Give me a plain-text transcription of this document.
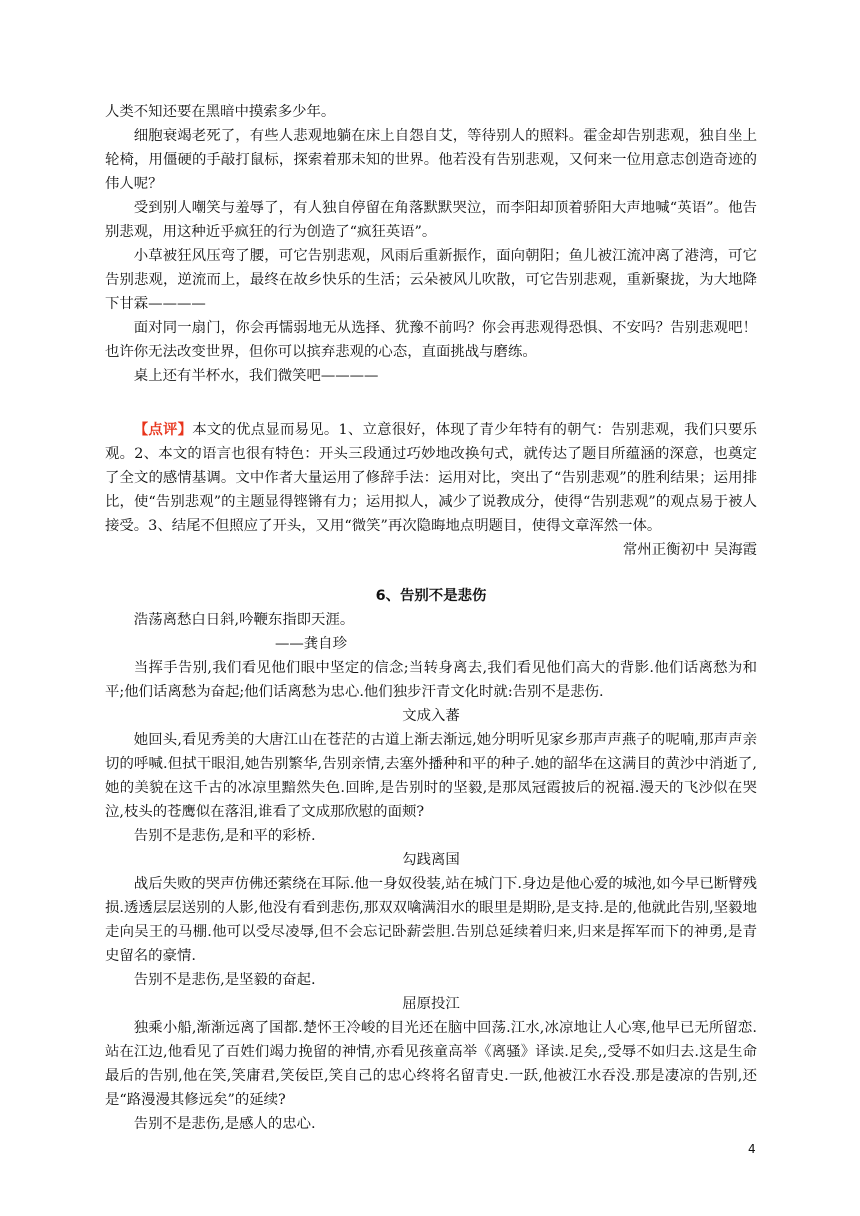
人类不知还要在黑暗中摸索多少年。

细胞衰竭老死了，有些人悲观地躺在床上自怨自艾，等待别人的照料。霍金却告别悲观，独自坐上轮椅，用僵硬的手敲打鼠标，探索着那未知的世界。他若没有告别悲观，又何来一位用意志创造奇迹的伟人呢？

受到别人嘲笑与羞辱了，有人独自停留在角落默默哭泣，而李阳却顶着骄阳大声地喊“英语”。他告别悲观，用这种近乎疯狂的行为创造了“疯狂英语”。

小草被狂风压弯了腰，可它告别悲观，风雨后重新振作，面向朝阳；鱼儿被江流冲离了港湾，可它告别悲观，逆流而上，最终在故乡快乐的生活；云朵被风儿吹散，可它告别悲观，重新聚拢，为大地降下甘霖————

面对同一扇门，你会再懦弱地无从选择、犹豫不前吗？你会再悲观得恐惧、不安吗？告别悲观吧！也许你无法改变世界，但你可以摈弃悲观的心态，直面挑战与磨练。

桌上还有半杯水，我们微笑吧————

【点评】本文的优点显而易见。1、立意很好，体现了青少年特有的朝气：告别悲观，我们只要乐观。2、本文的语言也很有特色：开头三段通过巧妙地改换句式，就传达了题目所蕴涵的深意，也奠定了全文的感情基调。文中作者大量运用了修辞手法：运用对比，突出了“告别悲观”的胜利结果；运用排比，使“告别悲观”的主题显得铿锵有力；运用拟人，减少了说教成分，使得“告别悲观”的观点易于被人接受。3、结尾不但照应了开头，又用“微笑”再次隐晦地点明题目，使得文章浑然一体。

常州正衡初中 吴海霞

6、告别不是悲伤

浩荡离愁白日斜,吟鞭东指即天涯。

——龚自珍

当挥手告别,我们看见他们眼中坚定的信念;当转身离去,我们看见他们高大的背影.他们话离愁为和平;他们话离愁为奋起;他们话离愁为忠心.他们独步汗青文化时就:告别不是悲伤.

文成入蕃

她回头,看见秀美的大唐江山在苍茫的古道上渐去渐远,她分明听见家乡那声声燕子的呢喃,那声声亲切的呼喊.但拭干眼泪,她告别繁华,告别亲情,去塞外播种和平的种子.她的韶华在这满目的黄沙中消逝了,她的美貌在这千古的冰凉里黯然失色.回眸,是告别时的坚毅,是那凤冠霞披后的祝福.漫天的飞沙似在哭泣,枝头的苍鹰似在落泪,谁看了文成那欣慰的面颊?

告别不是悲伤,是和平的彩桥.

勾践离国

战后失败的哭声仿佛还萦绕在耳际.他一身奴役装,站在城门下.身边是他心爱的城池,如今早已断臂残损.透透层层送别的人影,他没有看到悲伤,那双双噙满泪水的眼里是期盼,是支持.是的,他就此告别,坚毅地走向吴王的马棚.他可以受尽凌辱,但不会忘记卧薪尝胆.告别总延续着归来,归来是挥军而下的神勇,是青史留名的豪情.

告别不是悲伤,是坚毅的奋起.

屈原投江

独乘小船,渐渐远离了国都.楚怀王冷峻的目光还在脑中回荡.江水,冰凉地让人心寒,他早已无所留恋.站在江边,他看见了百姓们竭力挽留的神情,亦看见孩童高举《离骚》译读.足矣,,受辱不如归去.这是生命最后的告别,他在笑,笑庸君,笑佞臣,笑自己的忠心终将名留青史.一跃,他被江水吞没.那是凄凉的告别,还是“路漫漫其修远矣”的延续?

告别不是悲伤,是感人的忠心.

4
